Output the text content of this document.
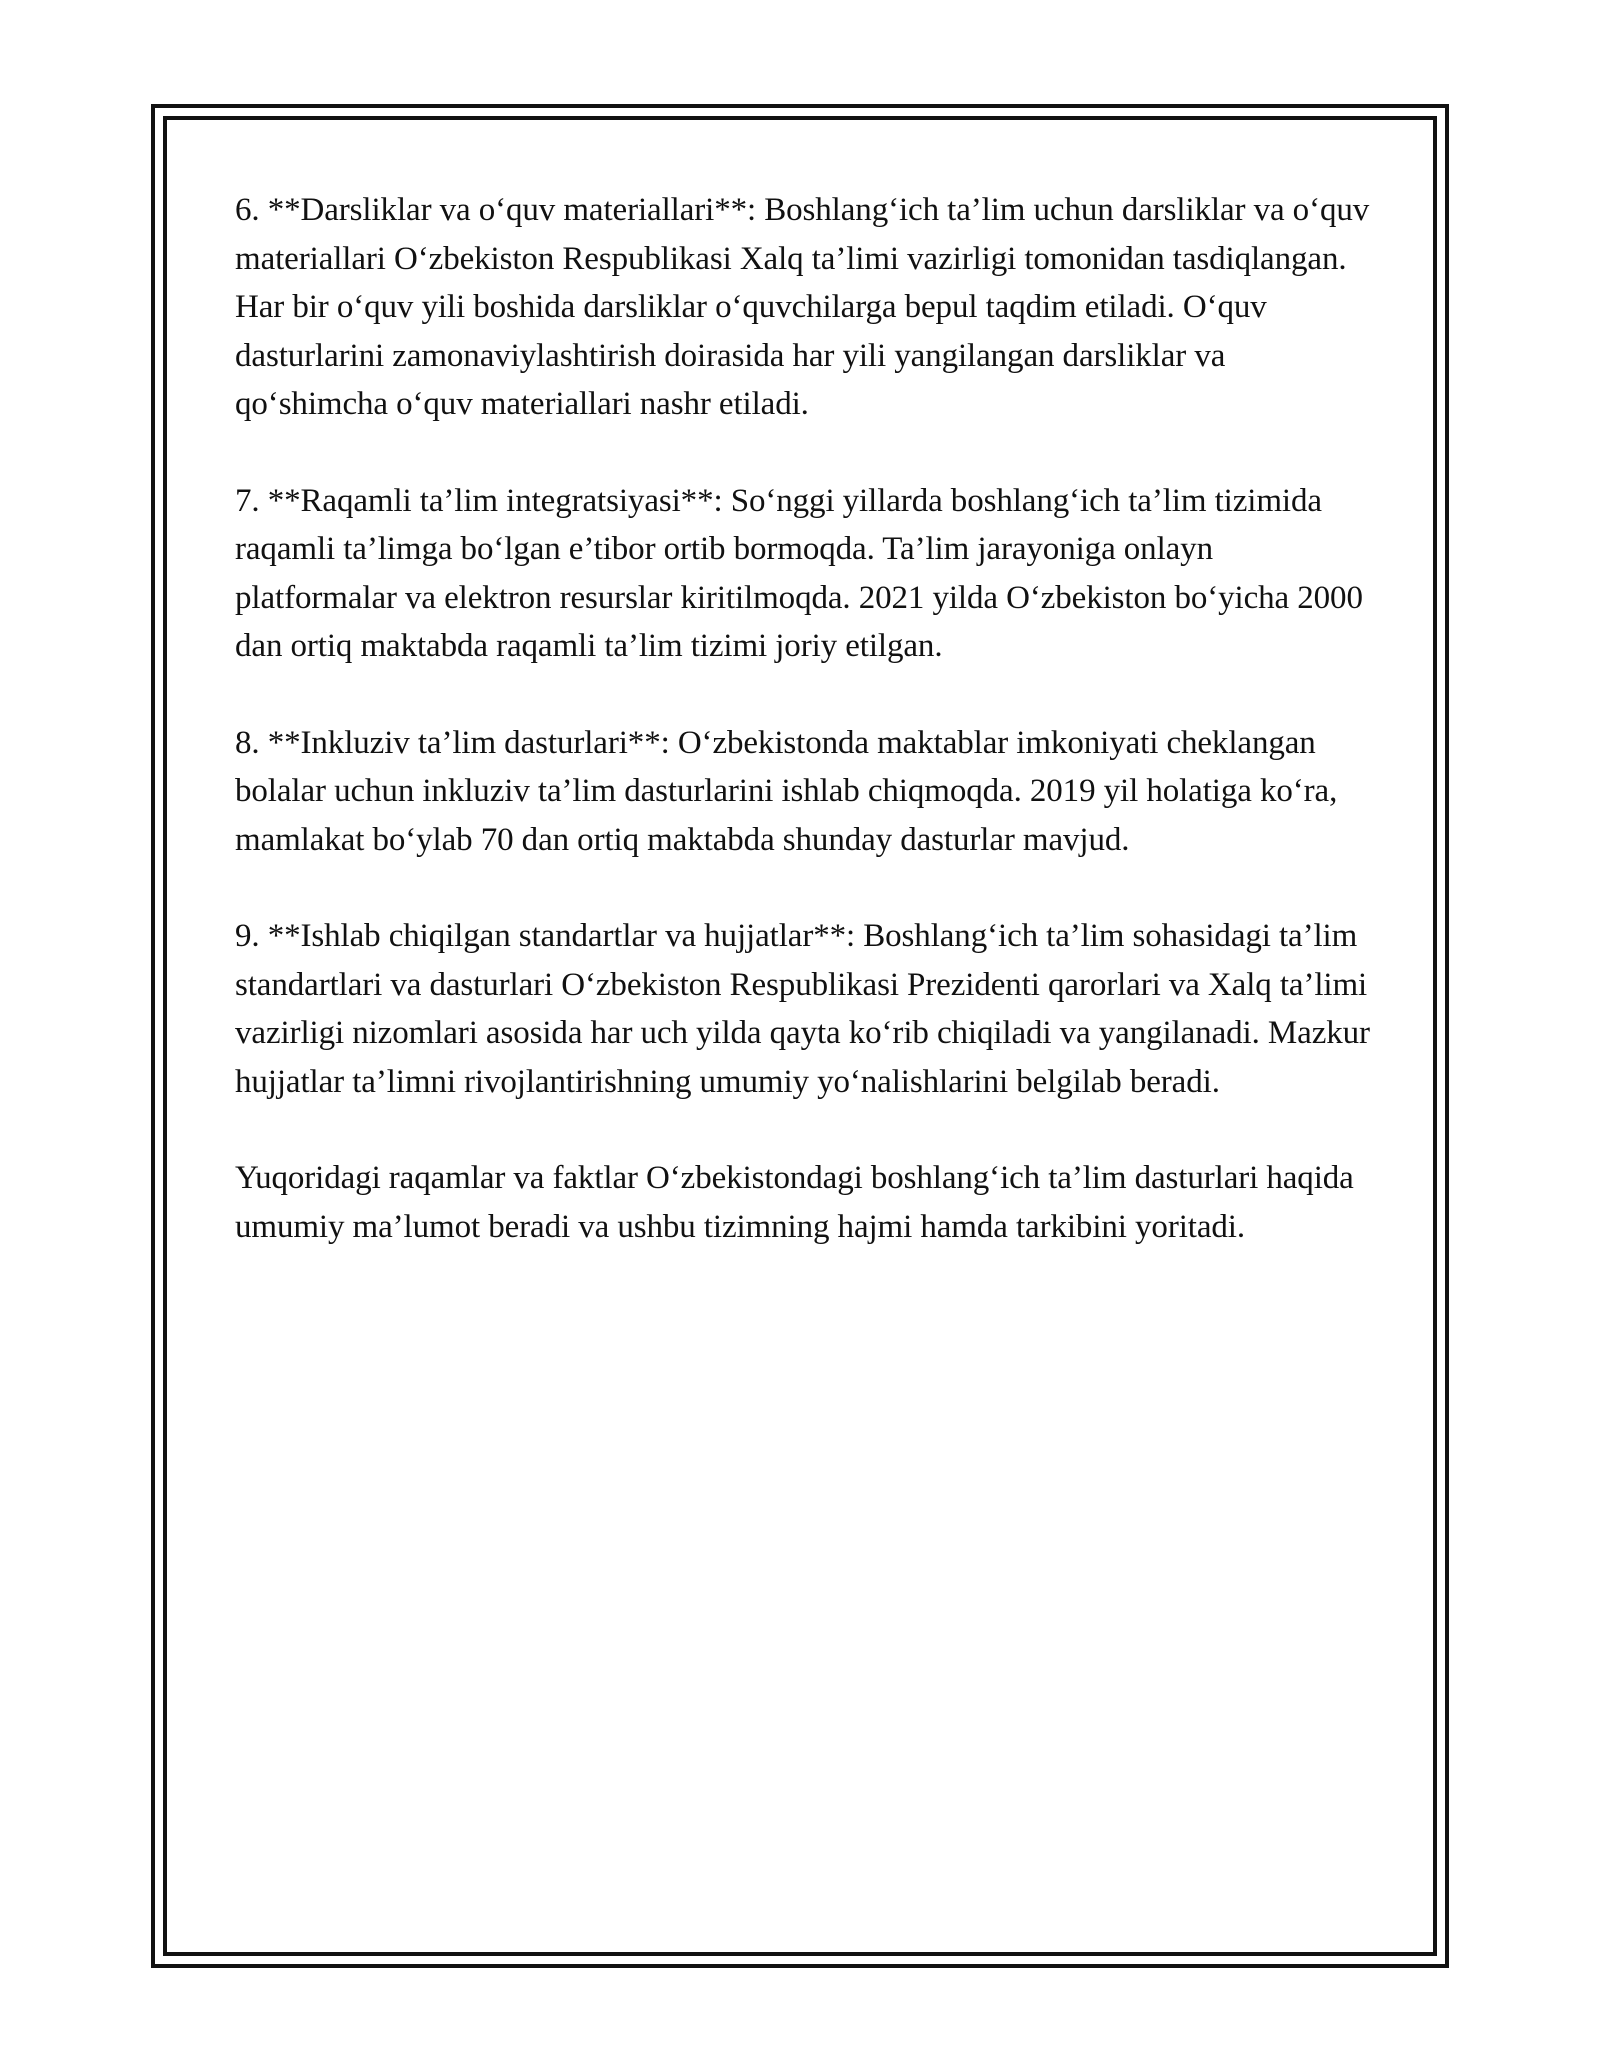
6. **Darsliklar va o‘quv materiallari**: Boshlang‘ich ta’lim uchun darsliklar va o‘quv materiallari O‘zbekiston Respublikasi Xalq ta’limi vazirligi tomonidan tasdiqlangan. Har bir o‘quv yili boshida darsliklar o‘quvchilarga bepul taqdim etiladi. O‘quv dasturlarini zamonaviylashtirish doirasida har yili yangilangan darsliklar va qo‘shimcha o‘quv materiallari nashr etiladi.

7. **Raqamli ta’lim integratsiyasi**: So‘nggi yillarda boshlang‘ich ta’lim tizimida raqamli ta’limga bo‘lgan e’tibor ortib bormoqda. Ta’lim jarayoniga onlayn platformalar va elektron resurslar kiritilmoqda. 2021 yilda O‘zbekiston bo‘yicha 2000 dan ortiq maktabda raqamli ta’lim tizimi joriy etilgan.

8. **Inkluziv ta’lim dasturlari**: O‘zbekistonda maktablar imkoniyati cheklangan bolalar uchun inkluziv ta’lim dasturlarini ishlab chiqmoqda. 2019 yil holatiga ko‘ra, mamlakat bo‘ylab 70 dan ortiq maktabda shunday dasturlar mavjud.

9. **Ishlab chiqilgan standartlar va hujjatlar**: Boshlang‘ich ta’lim sohasidagi ta’lim standartlari va dasturlari O‘zbekiston Respublikasi Prezidenti qarorlari va Xalq ta’limi vazirligi nizomlari asosida har uch yilda qayta ko‘rib chiqiladi va yangilanadi. Mazkur hujjatlar ta’limni rivojlantirishning umumiy yo‘nalishlarini belgilab beradi.

Yuqoridagi raqamlar va faktlar O‘zbekistondagi boshlang‘ich ta’lim dasturlari haqida umumiy ma’lumot beradi va ushbu tizimning hajmi hamda tarkibini yoritadi.
